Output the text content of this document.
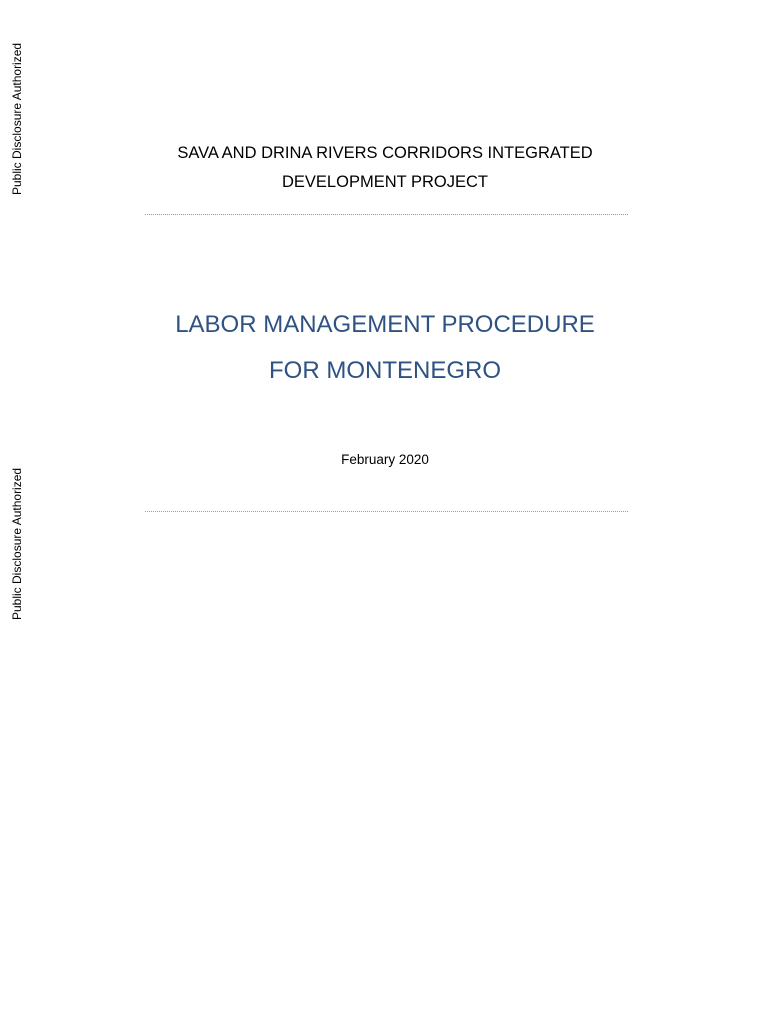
Public Disclosure Authorized
Public Disclosure Authorized
SAVA AND DRINA RIVERS CORRIDORS INTEGRATED
DEVELOPMENT PROJECT
LABOR MANAGEMENT PROCEDURE
FOR MONTENEGRO
February 2020
